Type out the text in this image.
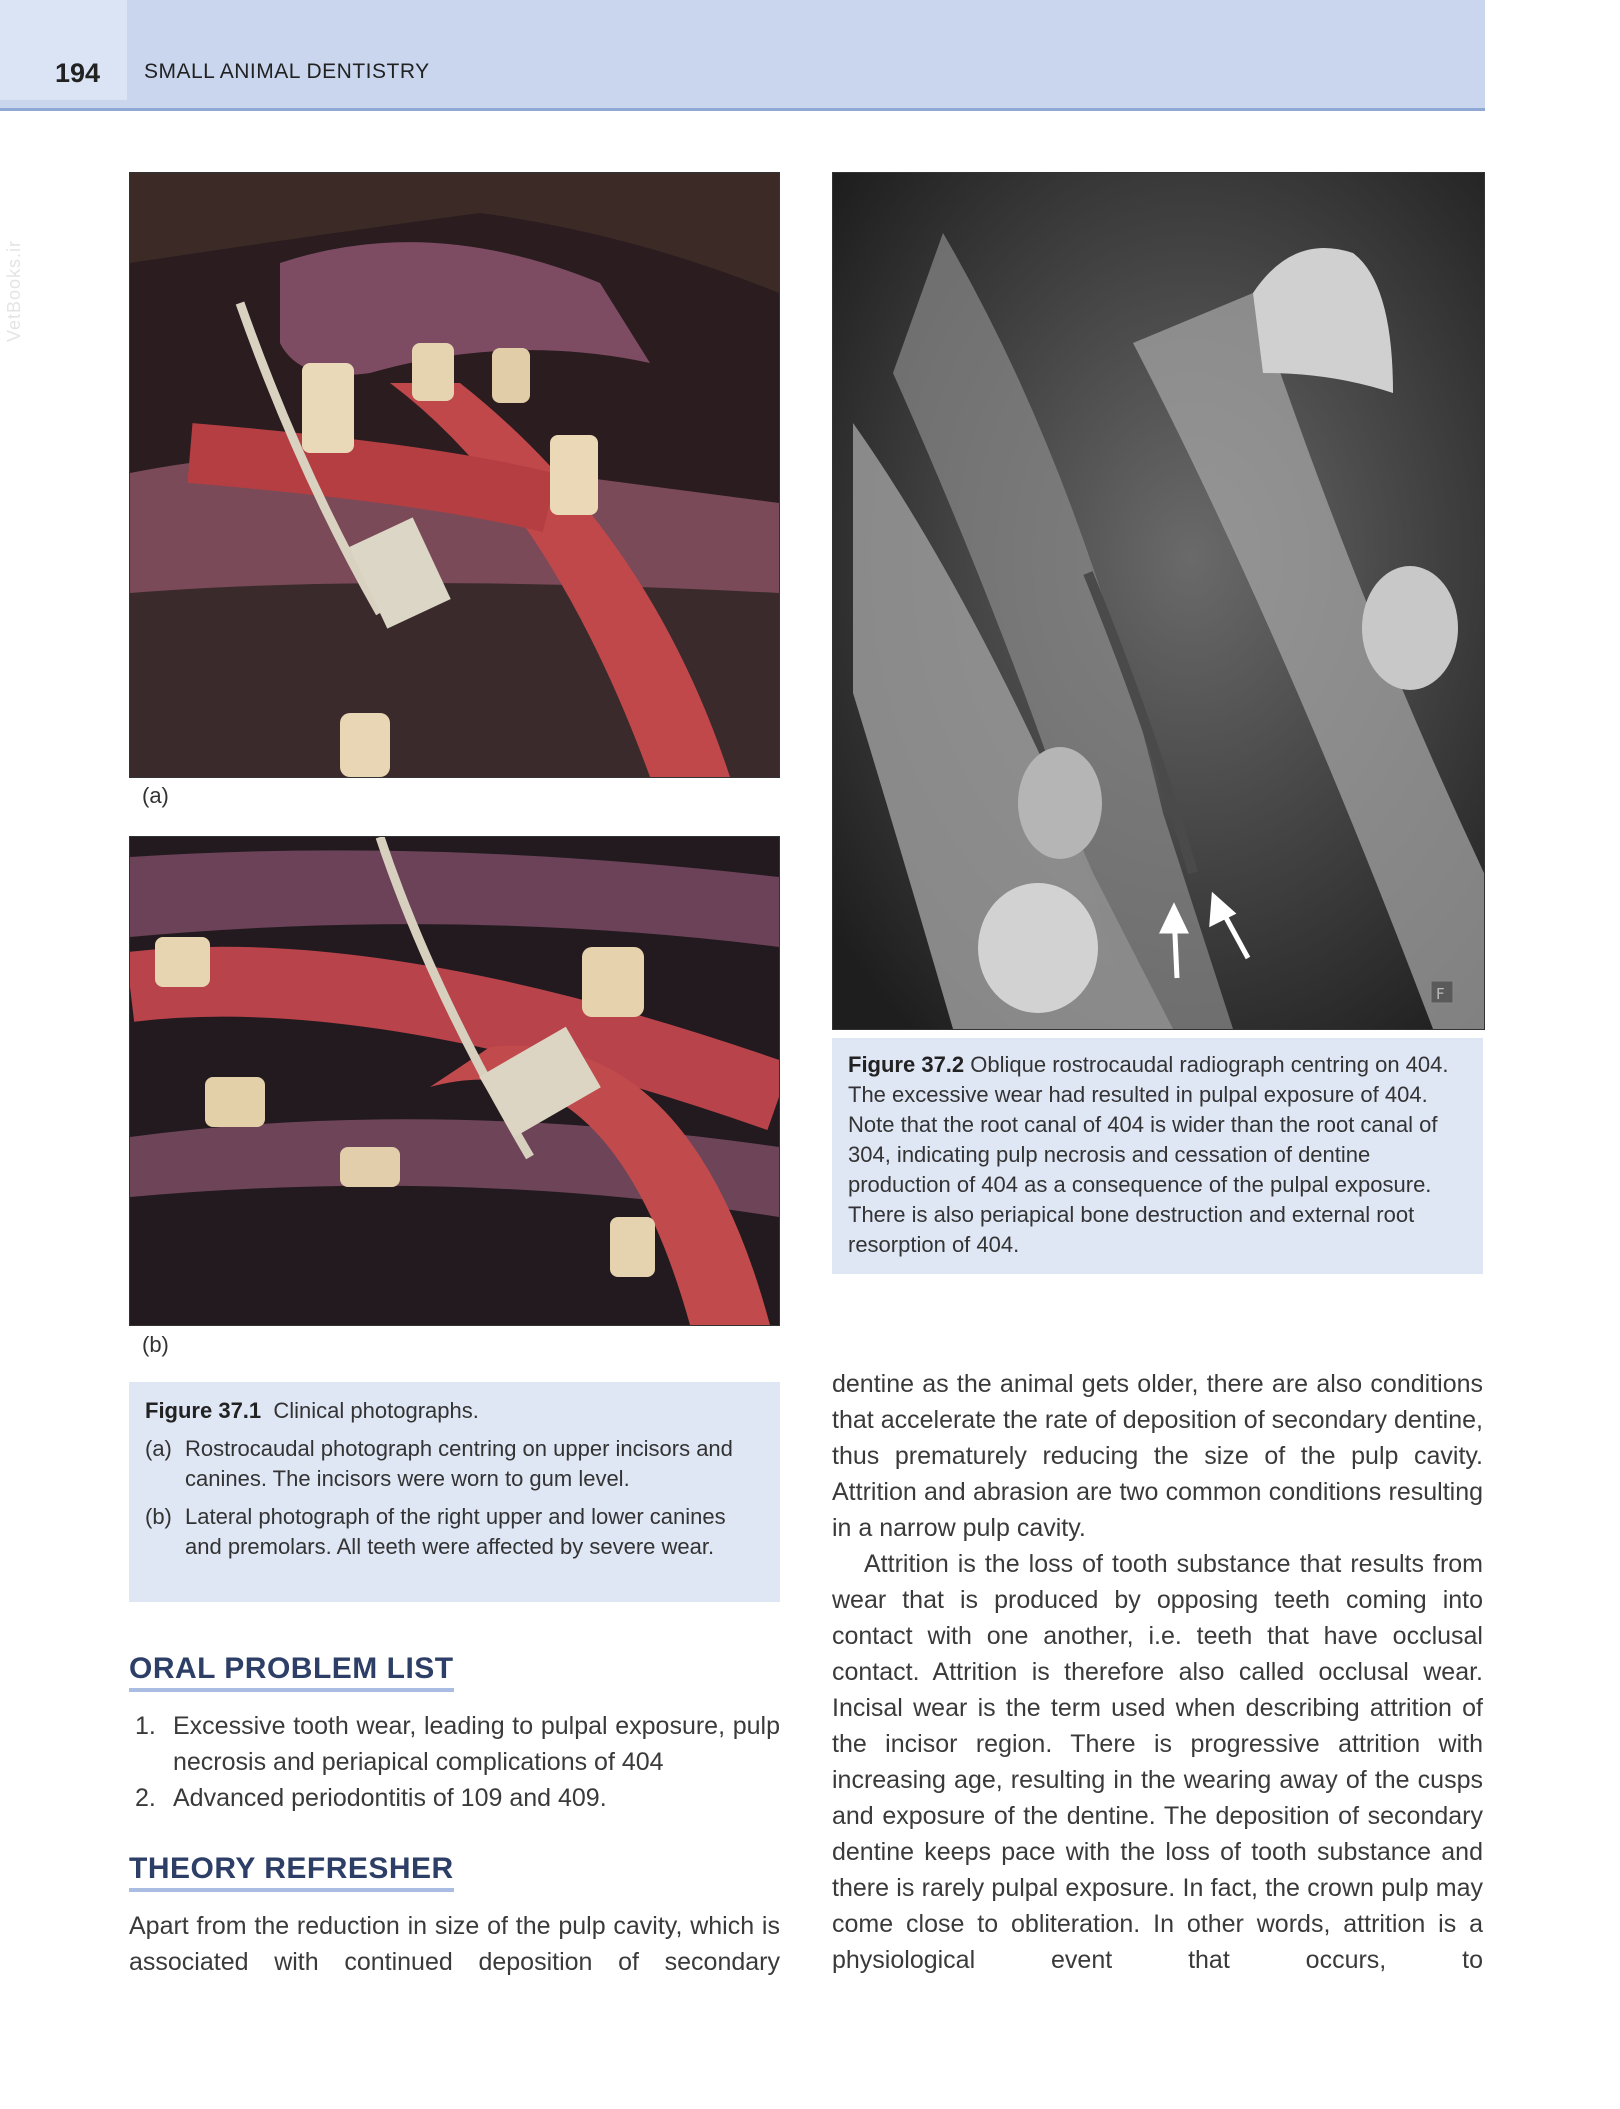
194 SMALL ANIMAL DENTISTRY
VetBooks.ir
(a)
(b)
Figure 37.1 Clinical photographs.
(a) Rostrocaudal photograph centring on upper incisors and canines. The incisors were worn to gum level.
(b) Lateral photograph of the right upper and lower canines and premolars. All teeth were affected by severe wear.
F
Figure 37.2 Oblique rostrocaudal radiograph centring on 404. The excessive wear had resulted in pulpal exposure of 404. Note that the root canal of 404 is wider than the root canal of 304, indicating pulp necrosis and cessation of dentine production of 404 as a consequence of the pulpal exposure. There is also periapical bone destruction and external root resorption of 404.
ORAL PROBLEM LIST
1. Excessive tooth wear, leading to pulpal exposure, pulp necrosis and periapical complications of 404
2. Advanced periodontitis of 109 and 409.
THEORY REFRESHER

Apart from the reduction in size of the pulp cavity, which is associated with continued deposition of secondary

dentine as the animal gets older, there are also conditions that accelerate the rate of deposition of secondary dentine, thus prematurely reducing the size of the pulp cavity. Attrition and abrasion are two common conditions resulting in a narrow pulp cavity.

Attrition is the loss of tooth substance that results from wear that is produced by opposing teeth coming into contact with one another, i.e. teeth that have occlusal contact. Attrition is therefore also called occlusal wear. Incisal wear is the term used when describing attrition of the incisor region. There is progressive attrition with increasing age, resulting in the wearing away of the cusps and exposure of the dentine. The deposition of secondary dentine keeps pace with the loss of tooth substance and there is rarely pulpal exposure. In fact, the crown pulp may come close to obliteration. In other words, attrition is a physiological event that occurs, to
